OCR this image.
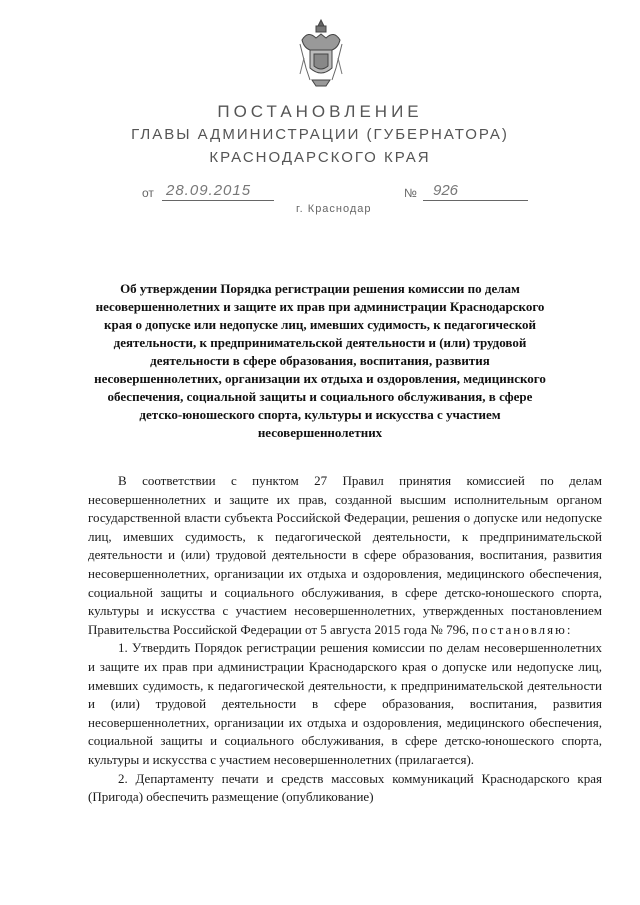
ПОСТАНОВЛЕНИЕ
ГЛАВЫ АДМИНИСТРАЦИИ (ГУБЕРНАТОРА)
КРАСНОДАРСКОГО КРАЯ
от 28.09.2015	№ 926
г. Краснодар
Об утверждении Порядка регистрации решения комиссии по делам несовершеннолетних и защите их прав при администрации Краснодарского края о допуске или недопуске лиц, имевших судимость, к педагогической деятельности, к предпринимательской деятельности и (или) трудовой деятельности в сфере образования, воспитания, развития несовершеннолетних, организации их отдыха и оздоровления, медицинского обеспечения, социальной защиты и социального обслуживания, в сфере детско-юношеского спорта, культуры и искусства с участием несовершеннолетних

В соответствии с пунктом 27 Правил принятия комиссией по делам несовершеннолетних и защите их прав, созданной высшим исполнительным органом государственной власти субъекта Российской Федерации, решения о допуске или недопуске лиц, имевших судимость, к педагогической деятельности, к предпринимательской деятельности и (или) трудовой деятельности в сфере образования, воспитания, развития несовершеннолетних, организации их отдыха и оздоровления, медицинского обеспечения, социальной защиты и социального обслуживания, в сфере детско-юношеского спорта, культуры и искусства с участием несовершеннолетних, утвержденных постановлением Правительства Российской Федерации от 5 августа 2015 года № 796, постановляю:

1. Утвердить Порядок регистрации решения комиссии по делам несовершеннолетних и защите их прав при администрации Краснодарского края о допуске или недопуске лиц, имевших судимость, к педагогической деятельности, к предпринимательской деятельности и (или) трудовой деятельности в сфере образования, воспитания, развития несовершеннолетних, организации их отдыха и оздоровления, медицинского обеспечения, социальной защиты и социального обслуживания, в сфере детско-юношеского спорта, культуры и искусства с участием несовершеннолетних (прилагается).

2. Департаменту печати и средств массовых коммуникаций Краснодарского края (Пригода) обеспечить размещение (опубликование)
